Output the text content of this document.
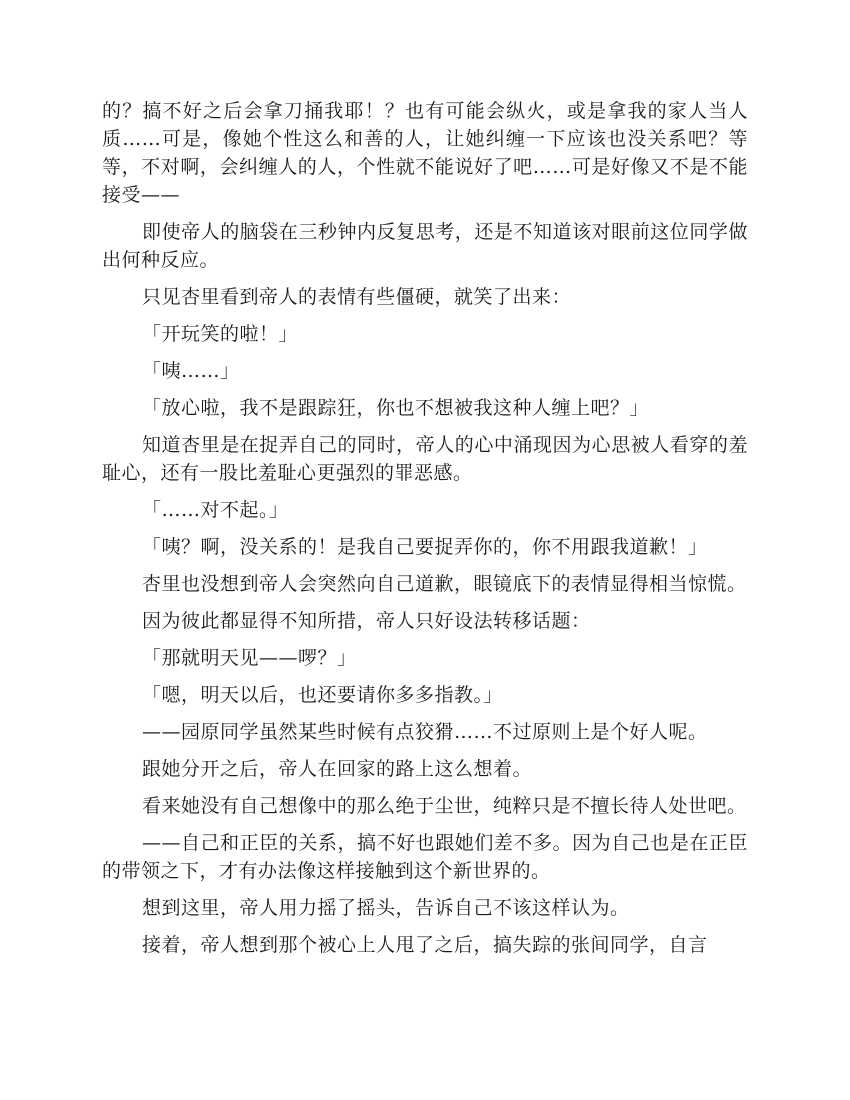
的？搞不好之后会拿刀捅我耶！？也有可能会纵火，或是拿我的家人当人质……可是，像她个性这么和善的人，让她纠缠一下应该也没关系吧？等等，不对啊，会纠缠人的人，个性就不能说好了吧……可是好像又不是不能接受——

即使帝人的脑袋在三秒钟内反复思考，还是不知道该对眼前这位同学做出何种反应。

只见杏里看到帝人的表情有些僵硬，就笑了出来：

「开玩笑的啦！」

「咦……」

「放心啦，我不是跟踪狂，你也不想被我这种人缠上吧？」

知道杏里是在捉弄自己的同时，帝人的心中涌现因为心思被人看穿的羞耻心，还有一股比羞耻心更强烈的罪恶感。

「……对不起。」

「咦？啊，没关系的！是我自己要捉弄你的，你不用跟我道歉！」

杏里也没想到帝人会突然向自己道歉，眼镜底下的表情显得相当惊慌。

因为彼此都显得不知所措，帝人只好设法转移话题：

「那就明天见——啰？」

「嗯，明天以后，也还要请你多多指教。」

——园原同学虽然某些时候有点狡猾……不过原则上是个好人呢。

跟她分开之后，帝人在回家的路上这么想着。

看来她没有自己想像中的那么绝于尘世，纯粹只是不擅长待人处世吧。

——自己和正臣的关系，搞不好也跟她们差不多。因为自己也是在正臣的带领之下，才有办法像这样接触到这个新世界的。

想到这里，帝人用力摇了摇头，告诉自己不该这样认为。

接着，帝人想到那个被心上人甩了之后，搞失踪的张间同学，自言
